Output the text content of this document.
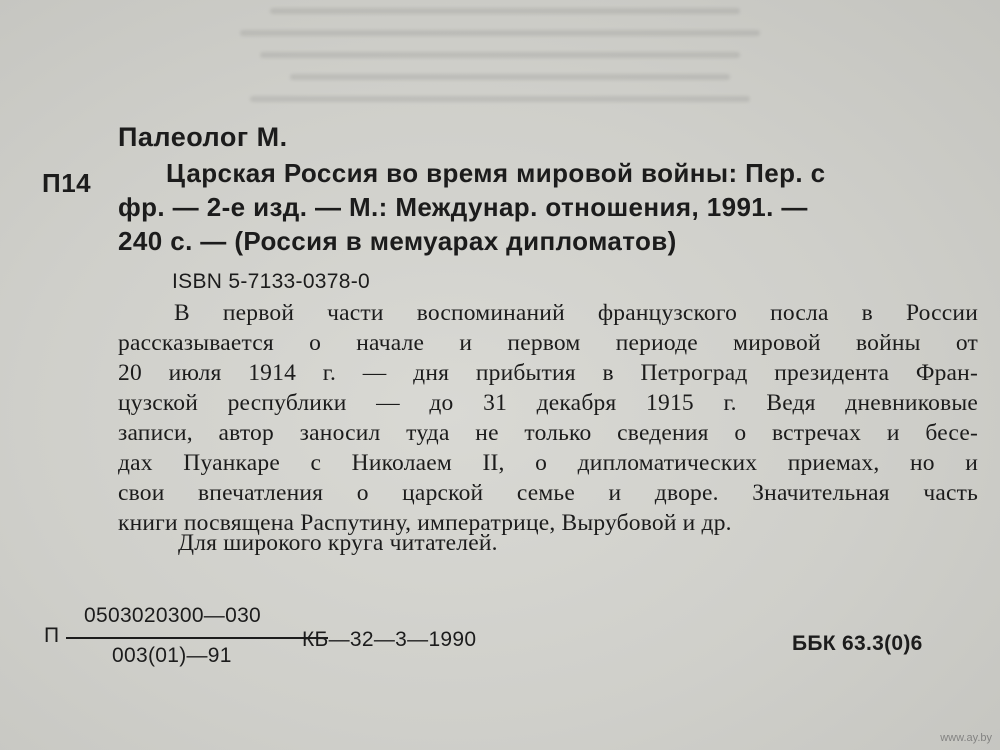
Палеолог М.
П14	Царская Россия во время мировой войны: Пер. с
фр. — 2-е изд. — М.: Междунар. отношения, 1991. —
240 с. — (Россия в мемуарах дипломатов)
ISBN 5-7133-0378-0
В первой части воспоминаний французского посла в России
рассказывается о начале и первом периоде мировой войны от
20 июля 1914 г. — дня прибытия в Петроград президента Фран-
цузской республики — до 31 декабря 1915 г. Ведя дневниковые
записи, автор заносил туда не только сведения о встречах и бесе-
дах Пуанкаре с Николаем II, о дипломатических приемах, но и
свои впечатления о царской семье и дворе. Значительная часть
книги посвящена Распутину, императрице, Вырубовой и др.
Для широкого круга читателей.
П
0503020300—030
003(01)—91
КБ—32—3—1990	ББК 63.3(0)6
www.ay.by
